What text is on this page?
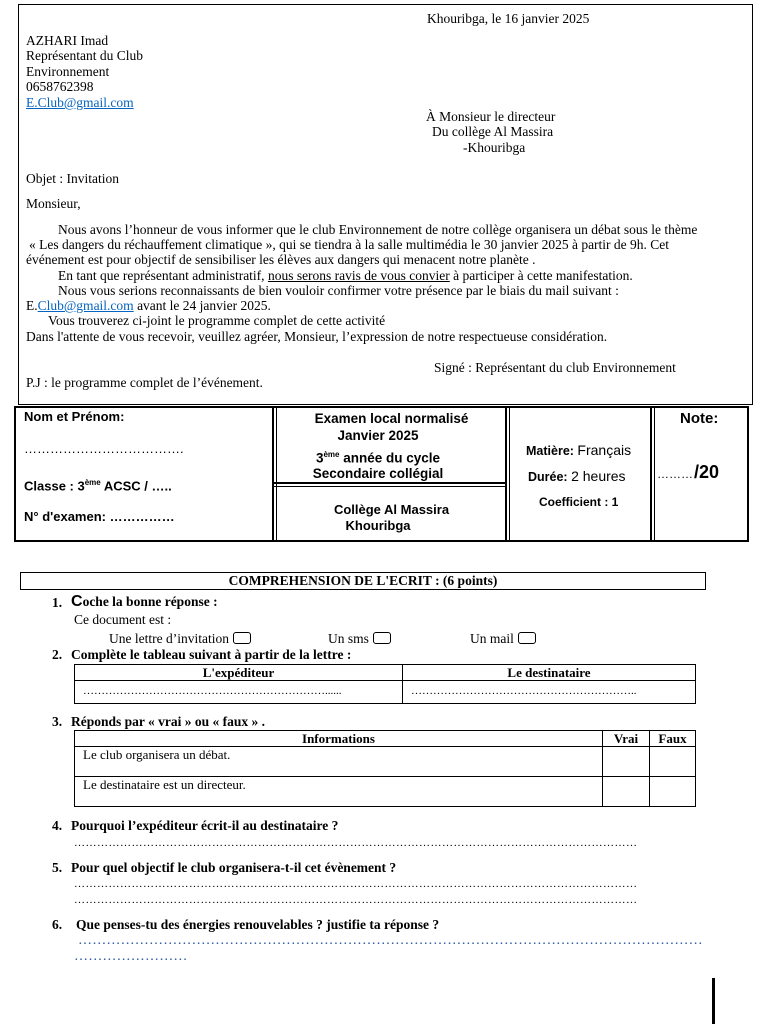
Khouribga, le 16 janvier 2025
AZHARI Imad
Représentant du Club
Environnement
0658762398
E.Club@gmail.com
À Monsieur le directeur
Du collège Al Massira
-Khouribga
Objet : Invitation
Monsieur,
Nous avons l’honneur de vous informer que le club Environnement de notre collège organisera un débat sous le thème
« Les dangers du réchauffement climatique », qui se tiendra à la salle multimédia le 30 janvier 2025 à partir de 9h. Cet
événement est pour objectif de sensibiliser les élèves aux dangers qui menacent notre planète .
En tant que représentant administratif, nous serons ravis de vous convier à participer à cette manifestation.
Nous vous serions reconnaissants de bien vouloir confirmer votre présence par le biais du mail suivant :
E.Club@gmail.com avant le 24 janvier 2025.
Vous trouverez ci-joint le programme complet de cette activité
Dans l'attente de vous recevoir, veuillez agréer, Monsieur, l’expression de notre respectueuse considération.
Signé : Représentant du club Environnement
P.J : le programme complet de l’événement.
Nom et Prénom:
……………………………….
Classe : 3ème ACSC / …..
N° d'examen: ……………
Examen local normalisé
Janvier 2025
3ème année du cycle
Secondaire collégial
Collège Al Massira
Khouribga
Matière: Français
Durée: 2 heures
Coefficient : 1
Note:
……… /20
COMPREHENSION DE L'ECRIT : (6 points)
1. Coche la bonne réponse :
Ce document est :
Une lettre d’invitation	Un sms	Un mail
2. Complète le tableau suivant à partir de la lettre :
L'expéditeur	Le destinataire
…………………………………………………………......	……………………………………………………..
3. Réponds par « vrai » ou « faux » .
Informations	Vrai	Faux
Le club organisera un débat.		
Le destinataire est un directeur.		
4. Pourquoi l’expéditeur écrit-il au destinataire ?
…………………………………………………………………………………………………………………………………
5. Pour quel objectif le club organisera-t-il cet évènement ?
…………………………………………………………………………………………………………………………………
…………………………………………………………………………………………………………………………………
6. Que penses-tu des énergies renouvelables ? justifie ta réponse ?
……………………………………………………………………………………………………………………
……………………
